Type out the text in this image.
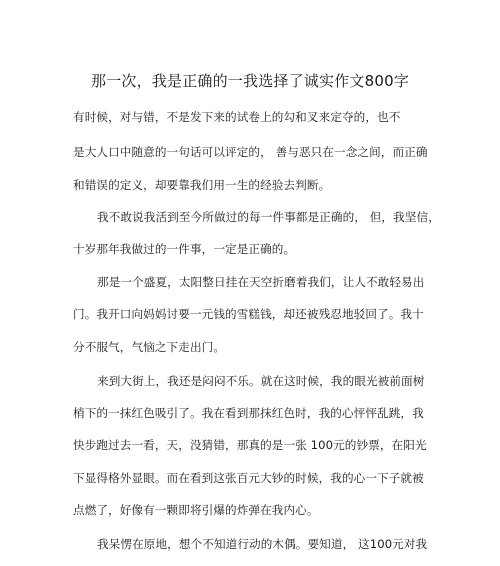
那一次，我是正确的一我选择了诚实作文800字
有时候，对与错，不是发下来的试卷上的勾和叉来定夺的，也不
是大人口中随意的一句话可以评定的， 善与恶只在一念之间，而正确
和错误的定义，却要靠我们用一生的经验去判断。
我不敢说我活到至今所做过的每一件事都是正确的， 但，我坚信，
十岁那年我做过的一件事，一定是正确的。
那是一个盛夏，太阳整日挂在天空折磨着我们，让人不敢轻易出
门。我开口向妈妈讨要一元钱的雪糕钱，却还被残忍地驳回了。我十
分不服气，气恼之下走出门。
来到大街上，我还是闷闷不乐。就在这时候，我的眼光被前面树
梢下的一抹红色吸引了。我在看到那抹红色时，我的心怦怦乱跳，我
快步跑过去一看，天，没猜错，那真的是一张 100元的钞票，在阳光
下显得格外显眼。而在看到这张百元大钞的时候，我的心一下子就被
点燃了，好像有一颗即将引爆的炸弹在我内心。
我呆愣在原地，想个不知道行动的木偶。要知道， 这100元对我
